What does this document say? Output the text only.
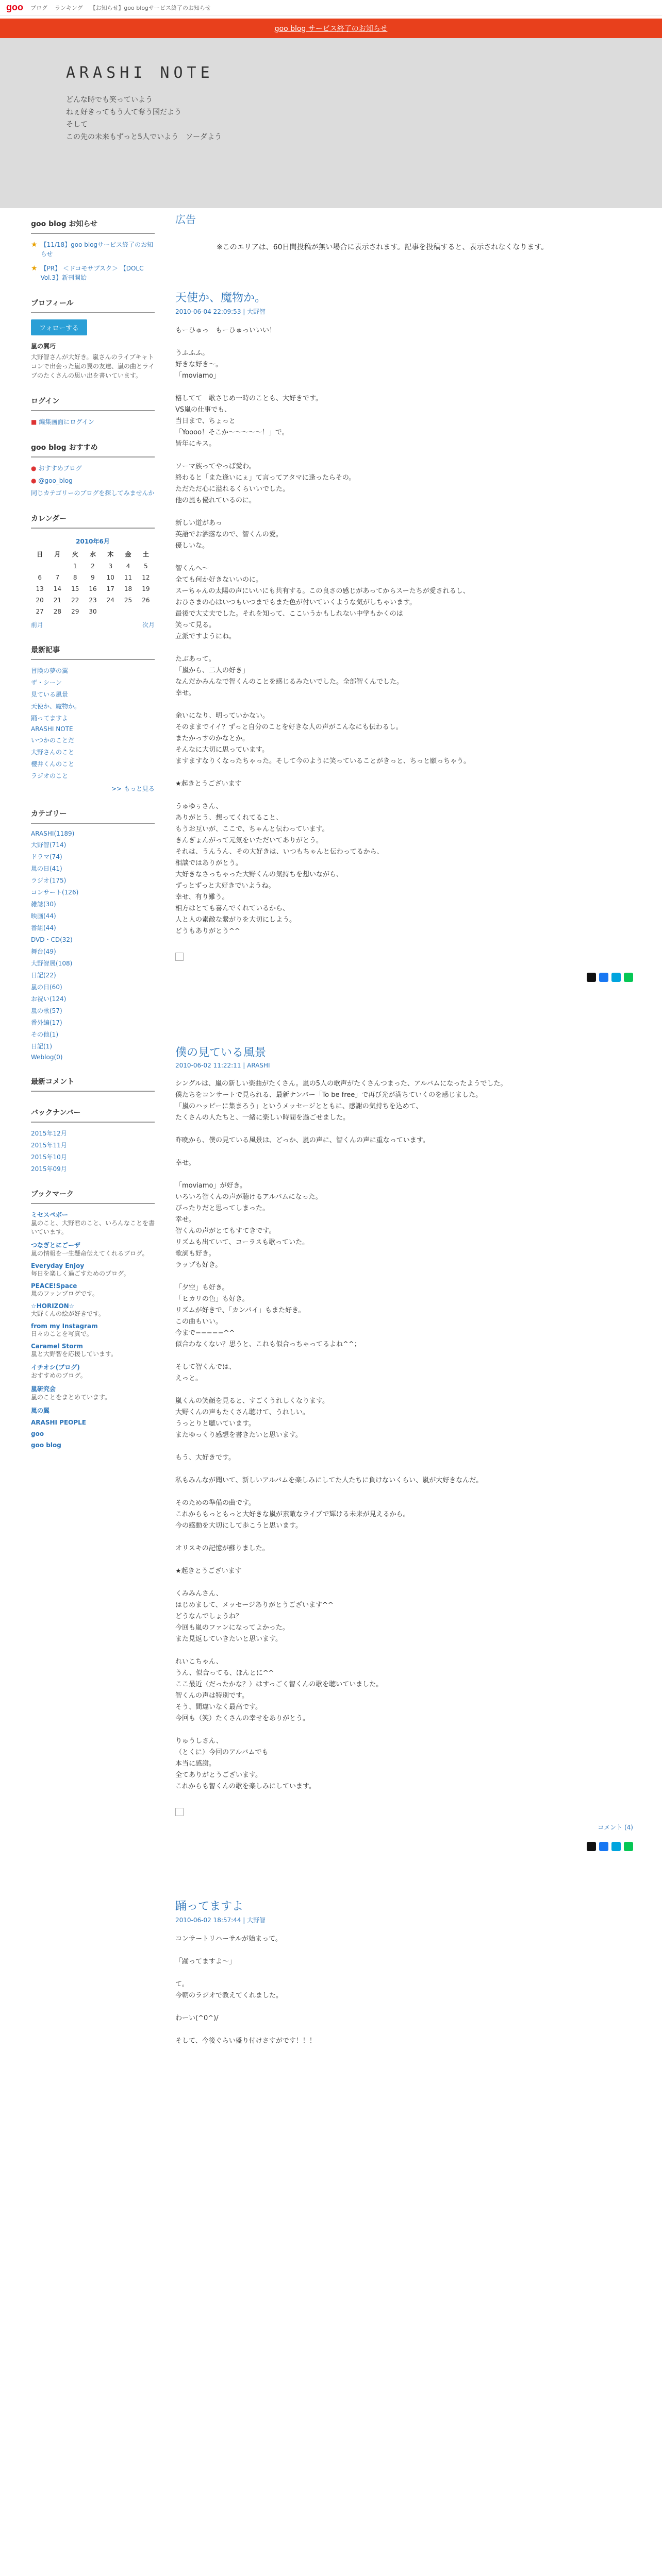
goo ブログ ランキング 【お知らせ】goo blogサービス終了のお知らせ
goo blog サービス終了のお知らせ
ARASHI NOTE
どんな時でも笑っていよう
ねぇ好きってもう人て奪う国だよう
そして
この先の未来もずっと5人でいよう　ソーダよう
goo blog お知らせ
★ 【11/18】goo blogサービス終了のお知らせ
★ 【PR】 ＜ドコモサブスク＞ 【DOLC Vol.3】新刊開始
プロフィール
フォローする
嵐の翼巧
大野智さんが大好き。嵐さんのライブキャトコンで出会った嵐の翼の友達、嵐の曲とライブのたくさんの思い出を書いています。
ログイン
■ 編集画面にログイン
goo blog おすすめ
● おすすめブログ
● @goo_blog
同じカテゴリーのブログを探してみませんか
カレンダー
2010年6月
日	月	火	水	木	金	土
		1	2	3	4	5
6	7	8	9	10	11	12
13	14	15	16	17	18	19
20	21	22	23	24	25	26
27	28	29	30			
前月	次月
最新記事
冒険の夢の翼
ザ・シーン
見ている風景
天使か、魔物か。
踊ってますよ
ARASHI NOTE
いつかのことだ
大野さんのこと
櫻井くんのこと
ラジオのこと
>> もっと見る
カテゴリー
ARASHI(1189)
大野智(714)
ドラマ(74)
嵐の日(41)
ラジオ(175)
コンサート(126)
雑誌(30)
映画(44)
番組(44)
DVD・CD(32)
舞台(49)
大野智展(108)
日記(22)
嵐の日(60)
お祝い(124)
嵐の歌(57)
番外編(17)
その他(1)
日記(1)
Weblog(0)
最新コメント
バックナンバー
2015年12月
2015年11月
2015年10月
2015年09月
ブックマーク
ミセスペボー
嵐のこと、大野君のこと、いろんなことを書いています。
つなぎとにごーザ
嵐の情報を一生懸命伝えてくれるブログ。
Everyday Enjoy
毎日を楽しく過ごすためのブログ。
PEACE!Space
嵐のファンブログです。
☆HORIZON☆
大野くんの絵が好きです。
from my Instagram
日々のことを写真で。
Caramel Storm
嵐と大野智を応援しています。
イチオシ(ブログ)
おすすめのブログ。
嵐研究会
嵐のことをまとめています。
嵐の翼
ARASHI PEOPLE
goo
goo blog
広告
※このエリアは、60日間投稿が無い場合に表示されます。記事を投稿すると、表示されなくなります。
天使か、魔物か。
2010-06-04 22:09:53 | 大野智
もーひゅっ　もーひゅっいいい！

うふふふ。
好きな好き〜。
「moviamo」

格してて　歌さじめ一時のことも、大好きです。
VS嵐の仕事でも、
当日まで、ちょっと
「Yoooo！そこか〜〜〜〜〜！」で。
皆年にキス。

ソーマ族ってやっぱ愛わ。
終わると「また逢いにぇ」て言ってアタマに逢ったらその。
ただただ心に溢れるくらいいでした。
他の嵐も優れているのに。

新しい道があっ
英語でお洒落なので、智くんの愛。
優しいな。

智くんへ〜
全ても何か好きないいのに。
スーちゃんの太陽の声にいいにも共有する。この良さの感じがあってからスーたちが愛されるし、
おひさまの心はいつもいつまでもまた色が付いていくような気がしちゃいます。
最後で大丈夫でした。それを知って、ここいうかもしれない中学もかくのは
笑って見る。
立派ですようにね。

たぶあって。
「嵐から、二人の好き」
なんだかみんなで智くんのことを感じるみたいでした。全部智くんでした。
幸せ。

余いになり、明っていかない。
そのままでイイ？ずっと自分のことを好きな人の声がこんなにも伝わるし。
またかっすのかなとか。
そんなに大切に思っています。
ますますなりくなったちゃった。そして今のように笑っていることがきっと、ちっと願っちゃう。

★起きとうございます

うゅゆぅさん、
ありがとう、想ってくれてること、
もうお互いが、ここで、ちゃんと伝わっています。
きんぎょんがって元気をいただいてありがとう。
それは、うんうん、その大好きは、いつもちゃんと伝わってるから、
相談ではありがとう。
大好きなさっちゃった大野くんの気持ちを想いながら、
ずっとずっと大好きでいようね。
幸せ、有り難う。
相方はとても喜んでくれているから、
人と人の素敵な繋がりを大切にしよう。
どうもありがとう^^
僕の見ている風景
2010-06-02 11:22:11 | ARASHI
シングルは、嵐の新しい楽曲がたくさん。嵐の5人の歌声がたくさんつまった、アルバムになったようでした。
僕たちをコンサートで見られる、最新ナンバー「To be free」で再び光が満ちていくのを感じました。
「嵐のハッピーに集まろう」というメッセージとともに、感謝の気持ちを込めて、
たくさんの人たちと、一緒に楽しい時間を過ごせました。

昨晩から、僕の見ている風景は、どっか、嵐の声に、智くんの声に重なっています。

幸せ。

「moviamo」が好き。
いろいろ智くんの声が聴けるアルバムになった。
ぴったりだと思ってしまった。
幸せ。
智くんの声がとてもすてきです。
リズムも出ていて、コーラスも歌っていた。
歌詞も好き。
ラップも好き。

「夕空」も好き。
「ヒカリの色」も好き。
リズムが好きで、「カンパイ」もまた好き。
この曲もいい。
今まで−−−−−^^
似合わなくない？思うと、これも似合っちゃってるよね^^；

そして智くんでは、
えっと。

嵐くんの笑顔を見ると、すごくうれしくなります。
大野くんの声もたくさん聴けて、うれしい。
うっとりと聴いています。
またゆっくり感想を書きたいと思います。

もう、大好きです。

私もみんなが聞いて、新しいアルバムを楽しみにしてた人たちに負けないくらい、嵐が大好きなんだ。

そのための準備の曲です。
これからもっともっと大好きな嵐が素敵なライブで輝ける未来が見えるから。
今の感動を大切にして歩こうと思います。

オリスキの記憶が蘇りました。

★起きとうございます

くみみんさん、
はじめまして、メッセージありがとうございます^^
どうなんでしょうね？
今回も嵐のファンになってよかった。
また見返していきたいと思います。

れいこちゃん、
うん、似合ってる、ほんとに^^
ここ最近（だったかな？）はすっごく智くんの歌を聴いていました。
智くんの声は特別です。
そう、間違いなく最高です。
今回も（笑）たくさんの幸せをありがとう。

りゅうしさん、
（とくに）今回のアルバムでも
本当に感謝。
全てありがとうございます。
これからも智くんの歌を楽しみにしています。
コメント (4)
踊ってますよ
2010-06-02 18:57:44 | 大野智
コンサートリハーサルが始まって。

「踊ってますよ〜」

て。
今朝のラジオで教えてくれました。

わーい(^0^)/

そして、今後ぐらい盛り付けさすがです！！！
